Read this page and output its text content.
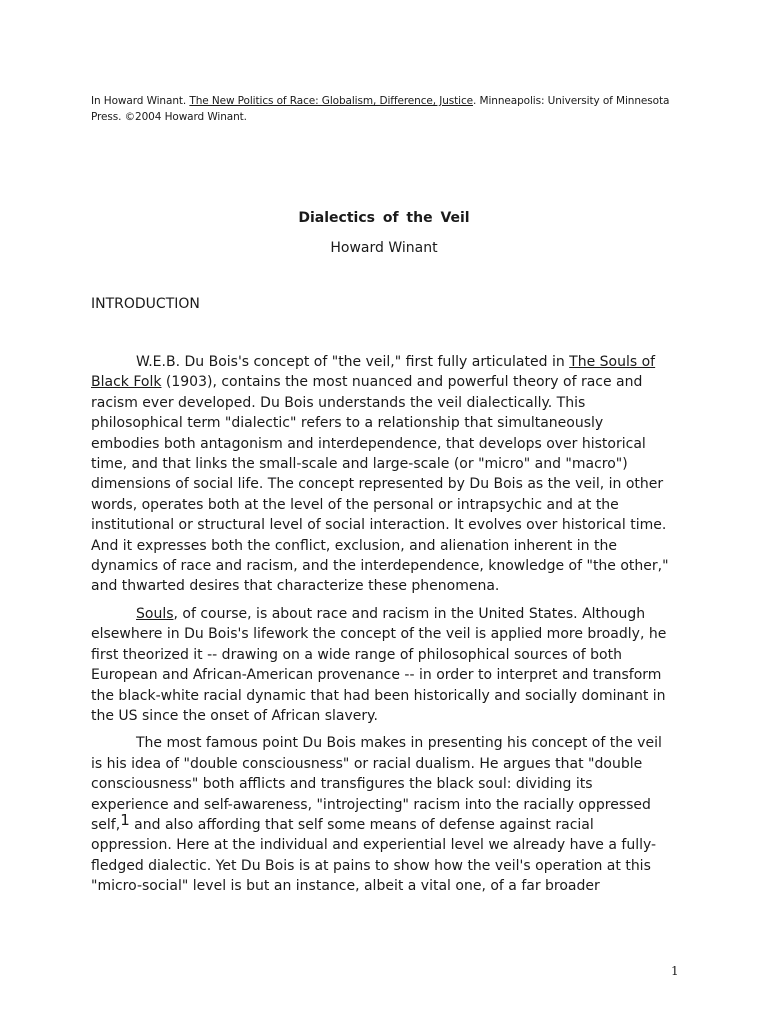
In Howard Winant. The New Politics of Race: Globalism, Difference, Justice. Minneapolis: University of Minnesota Press. ©2004 Howard Winant.
Dialectics of the Veil
Howard Winant
INTRODUCTION

W.E.B. Du Bois's concept of "the veil," first fully articulated in The Souls of Black Folk (1903), contains the most nuanced and powerful theory of race and racism ever developed. Du Bois understands the veil dialectically. This philosophical term "dialectic" refers to a relationship that simultaneously embodies both antagonism and interdependence, that develops over historical time, and that links the small-scale and large-scale (or "micro" and "macro") dimensions of social life. The concept represented by Du Bois as the veil, in other words, operates both at the level of the personal or intrapsychic and at the institutional or structural level of social interaction. It evolves over historical time. And it expresses both the conflict, exclusion, and alienation inherent in the dynamics of race and racism, and the interdependence, knowledge of "the other," and thwarted desires that characterize these phenomena.

Souls, of course, is about race and racism in the United States. Although elsewhere in Du Bois's lifework the concept of the veil is applied more broadly, he first theorized it -- drawing on a wide range of philosophical sources of both European and African-American provenance -- in order to interpret and transform the black-white racial dynamic that had been historically and socially dominant in the US since the onset of African slavery.

The most famous point Du Bois makes in presenting his concept of the veil is his idea of "double consciousness" or racial dualism. He argues that "double consciousness" both afflicts and transfigures the black soul: dividing its experience and self-awareness, "introjecting" racism into the racially oppressed self,1 and also affording that self some means of defense against racial oppression. Here at the individual and experiential level we already have a fully-fledged dialectic. Yet Du Bois is at pains to show how the veil's operation at this "micro-social" level is but an instance, albeit a vital one, of a far broader

1
